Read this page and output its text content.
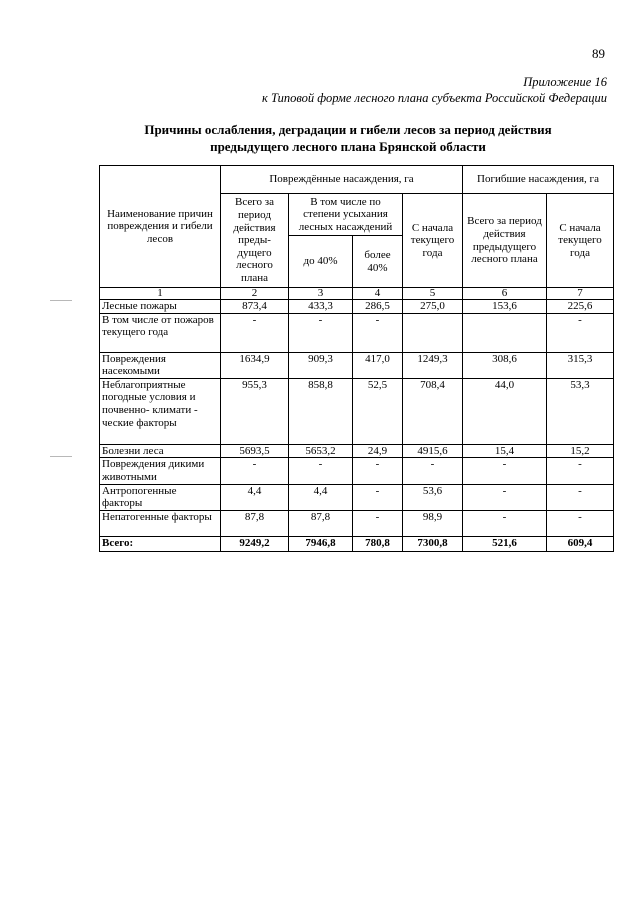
89
Приложение 16
к Типовой форме лесного плана субъекта Российской Федерации
Причины ослабления, деградации и гибели лесов за период действия
предыдущего лесного плана Брянской области
Наименование причин повреждения и гибели лесов	Повреждённые насаждения, га				Погибшие насаждения, га	
	Всего за период действия преды-дущего лесного плана	В том числе по степени усыхания лесных насаждений		С начала текущего года	Всего за период действия предыдущего лесного плана	С начала текущего года
		до 40%	более 40%			

1	2	3	4	5	6	7
Лесные пожары	873,4	433,3	286,5	275,0	153,6	225,6
В том числе от пожаров текущего года	-	-	-			-
Повреждения насекомыми	1634,9	909,3	417,0	1249,3	308,6	315,3
Неблагоприятные погодные условия и почвенно- климати - ческие факторы	955,3	858,8	52,5	708,4	44,0	53,3
Болезни леса	5693,5	5653,2	24,9	4915,6	15,4	15,2
Повреждения дикими животными	-	-	-	-	-	-
Антропогенные факторы	4,4	4,4	-	53,6	-	-
Непатогенные факторы	87,8	87,8	-	98,9	-	-
Всего:	9249,2	7946,8	780,8	7300,8	521,6	609,4
